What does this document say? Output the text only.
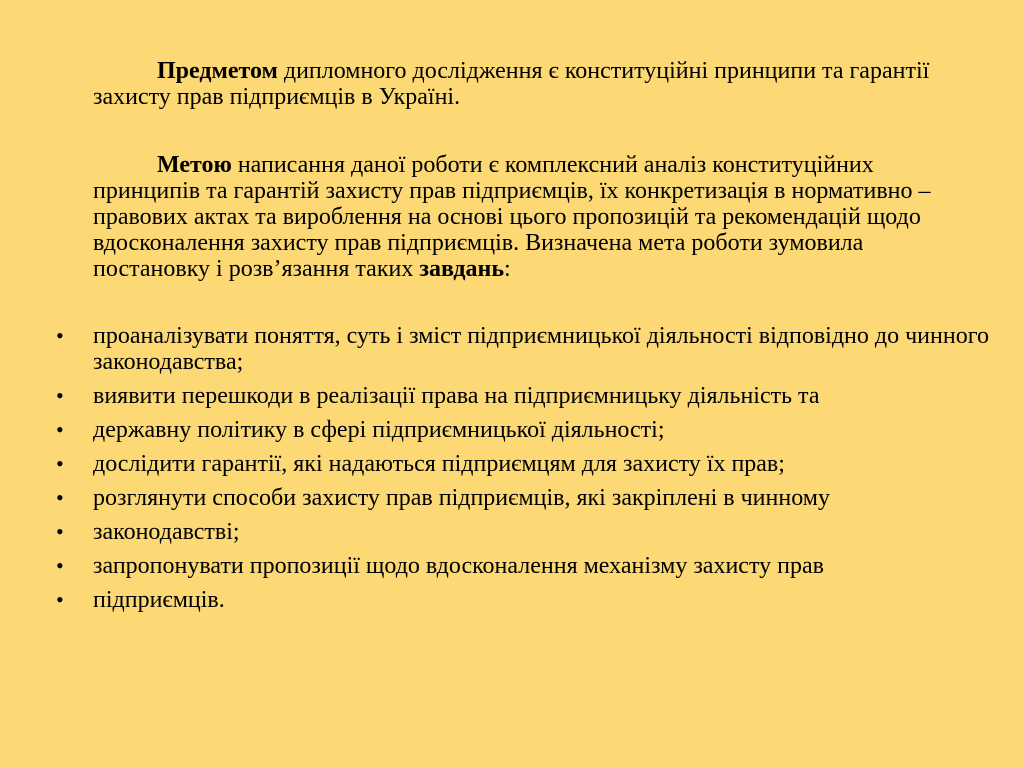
Предметом дипломного дослідження є конституційні принципи та гарантії захисту прав підприємців в Україні.

Метою написання даної роботи є комплексний аналіз конституційних принципів та гарантій захисту прав підприємців, їх конкретизація в нормативно – правових актах та вироблення на основі цього пропозицій та рекомендацій щодо вдосконалення захисту прав підприємців. Визначена мета роботи зумовила постановку і розв’язання таких завдань:

• проаналізувати поняття, суть і зміст підприємницької діяльності відповідно до чинного законодавства;
• виявити перешкоди в реалізації права на підприємницьку діяльність та
• державну політику в сфері підприємницької діяльності;
• дослідити гарантії, які надаються підприємцям для захисту їх прав;
• розглянути способи захисту прав підприємців, які закріплені в чинному
• законодавстві;
• запропонувати пропозиції щодо вдосконалення механізму захисту прав
• підприємців.
